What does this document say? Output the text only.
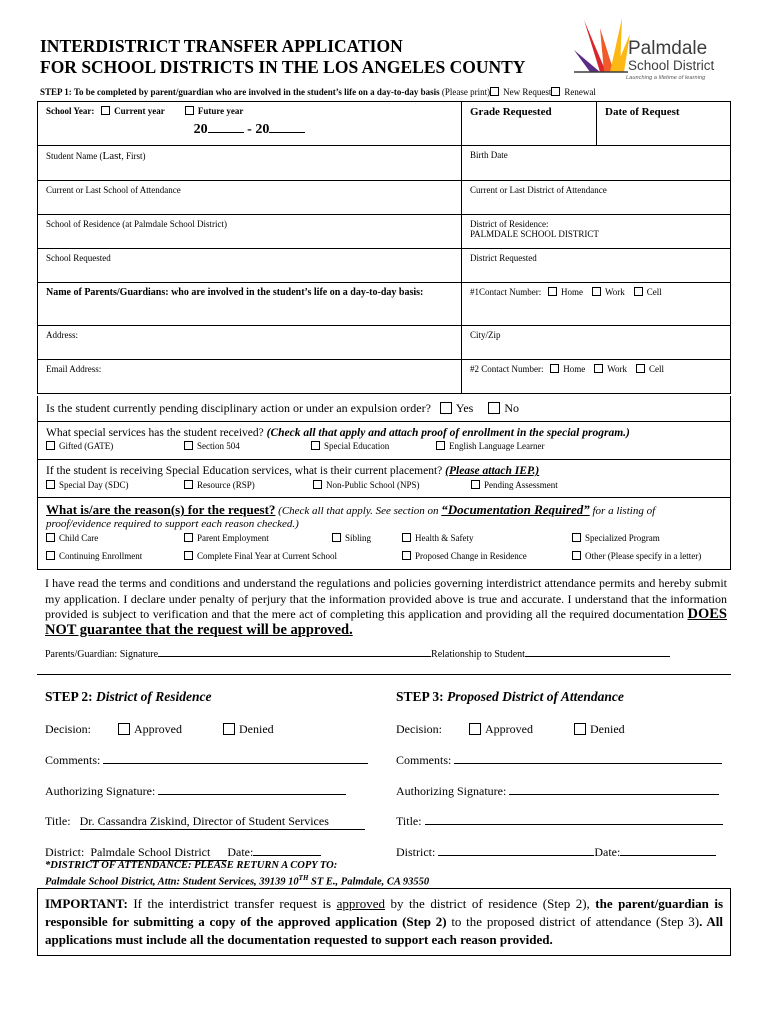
INTERDISTRICT TRANSFER APPLICATION
FOR SCHOOL DISTRICTS IN THE LOS ANGELES COUNTY
Palmdale
School District
Launching a lifetime of learning
STEP 1: To be completed by parent/guardian who are involved in the student’s life on a day-to-day basis (Please print) New Request Renewal
School Year: Current year Future year
20 - 20	Grade Requested	Date of Request
Student Name (Last, First)	Birth Date	
Current or Last School of Attendance	Current or Last District of Attendance	
School of Residence (at Palmdale School District)	District of Residence:
PALMDALE SCHOOL DISTRICT	

School Requested	District Requested	
Name of Parents/Guardians: who are involved in the student’s life on a day-to-day basis:	#1Contact Number: Home Work Cell	
Address:	City/Zip	
Email Address:	#2 Contact Number: Home Work Cell	
Is the student currently pending disciplinary action or under an expulsion order? Yes	No
What special services has the student received? (Check all that apply and attach proof of enrollment in the special program.)
Gifted (GATE)	Section 504	Special Education	English Language Learner
If the student is receiving Special Education services, what is their current placement? (Please attach IEP.)
Special Day (SDC)	Resource (RSP)	Non-Public School (NPS)	Pending Assessment
What is/are the reason(s) for the request? (Check all that apply. See section on “Documentation Required” for a listing of
proof/evidence required to support each reason checked.)
Child Care	Parent Employment	Sibling	Health & Safety	Specialized Program
Continuing Enrollment	Complete Final Year at Current School	Proposed Change in Residence	Other (Please specify in a letter)
I have read the terms and conditions and understand the regulations and policies governing interdistrict attendance permits and hereby submit my application. I declare under penalty of perjury that the information provided above is true and accurate. I understand that the information provided is subject to verification and that the mere act of completing this application and providing all the required documentation DOES NOT guarantee that the request will be approved.
Parents/Guardian: Signature	Relationship to Student
STEP 2: District of Residence
Decision:	Approved	Denied
Comments:
Authorizing Signature:
Title: Dr. Cassandra Ziskind, Director of Student Services
District: Palmdale School District Date:
*DISTRICT OF ATTENDANCE: PLEASE RETURN A COPY TO:
Palmdale School District, Attn: Student Services, 39139 10TH ST E., Palmdale, CA 93550
STEP 3: Proposed District of Attendance
Decision:	Approved	Denied
Comments:
Authorizing Signature:
Title:
District:	Date:
IMPORTANT: If the interdistrict transfer request is approved by the district of residence (Step 2), the parent/guardian is responsible for submitting a copy of the approved application (Step 2) to the proposed district of attendance (Step 3). All applications must include all the documentation requested to support each reason provided.
